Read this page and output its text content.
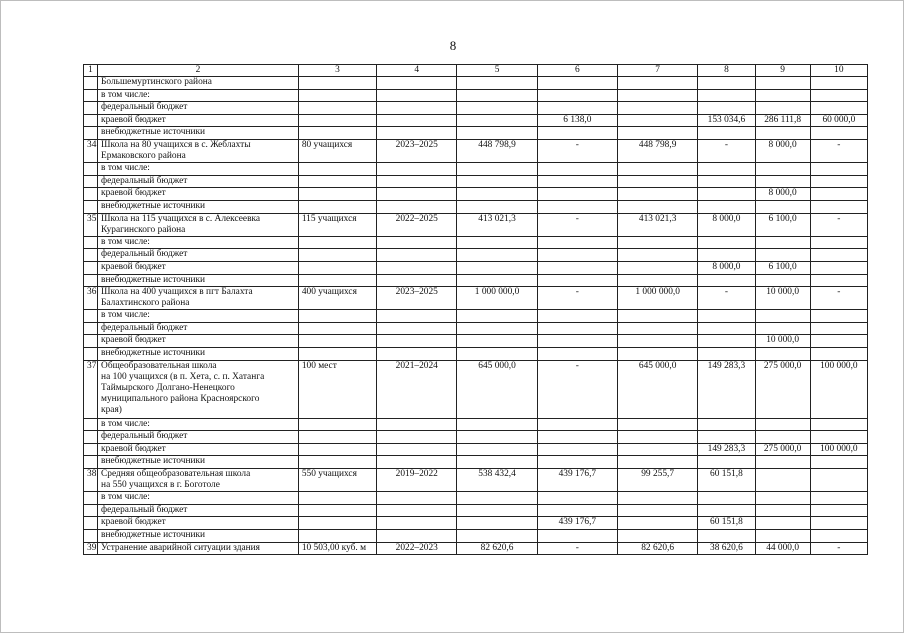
8
1	2	3	4	5	6	7	8	9	10
	Большемуртинского района								
	в том числе:								
	федеральный бюджет								
	краевой бюджет				6 138,0		153 034,6	286 111,8	60 000,0
	внебюджетные источники								
34	Школа на 80 учащихся в с. Жеблахты
Ермаковского района	80 учащихся	2023–2025	448 798,9	-	448 798,9	-	8 000,0	-
	в том числе:								
	федеральный бюджет								
	краевой бюджет							8 000,0	
	внебюджетные источники								
35	Школа на 115 учащихся в с. Алексеевка
Курагинского района	115 учащихся	2022–2025	413 021,3	-	413 021,3	8 000,0	6 100,0	-
	в том числе:								
	федеральный бюджет								
	краевой бюджет						8 000,0	6 100,0	
	внебюджетные источники								
36	Школа на 400 учащихся в пгт Балахта
Балахтинского района	400 учащихся	2023–2025	1 000 000,0	-	1 000 000,0	-	10 000,0	-
	в том числе:								
	федеральный бюджет								
	краевой бюджет							10 000,0	
	внебюджетные источники								
37	Общеобразовательная школа
на 100 учащихся (в п. Хета, с. п. Хатанга
Таймырского Долгано-Ненецкого
муниципального района Красноярского
края)	100 мест	2021–2024	645 000,0	-	645 000,0	149 283,3	275 000,0	100 000,0
	в том числе:								
	федеральный бюджет								
	краевой бюджет						149 283,3	275 000,0	100 000,0
	внебюджетные источники								
38	Средняя общеобразовательная школа
на 550 учащихся в г. Боготоле	550 учащихся	2019–2022	538 432,4	439 176,7	99 255,7	60 151,8		
	в том числе:								
	федеральный бюджет								
	краевой бюджет				439 176,7		60 151,8		
	внебюджетные источники								
39	Устранение аварийной ситуации здания	10 503,00 куб. м	2022–2023	82 620,6	-	82 620,6	38 620,6	44 000,0	-
